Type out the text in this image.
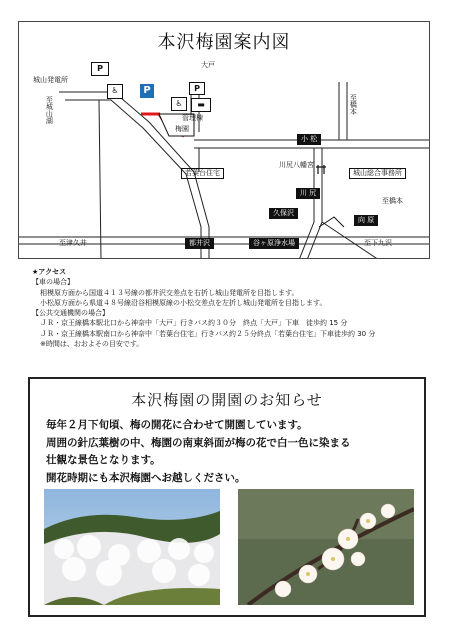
本沢梅園案内図
P
♿	P
P
♿	▬
城山発電所
至城山湖
大戸
管理棟
梅園
若葉台住宅
至橋本
小 松
川尻八幡宮
城山総合事務所
川 尻
至橋本
久保沢
向 原
至津久井	都井沢	谷ヶ原浄水場	至下九沢
★アクセス
【車の場合】
相模原方面から国道４１３号線の都井沢交差点を右折し城山発電所を目指します。
小松原方面から県道４８号線沿谷相模原線の小松交差点を左折し城山発電所を目指します。
【公共交通機関の場合】
ＪＲ・京王線橋本駅北口から神奈中「大戸」行きバス約３０分　終点「大戸」下車　徒歩約 15 分
ＪＲ・京王線橋本駅南口から神奈中「若葉台住宅」行きバス約２５分終点「若葉台住宅」下車徒歩約 30 分
※時間は、おおよその目安です。
本沢梅園の開園のお知らせ
毎年２月下旬頃、梅の開花に合わせて開園しています。
周囲の針広葉樹の中、梅園の南東斜面が梅の花で白一色に染まる
壮観な景色となります。
開花時期にも本沢梅園へお越しください。
